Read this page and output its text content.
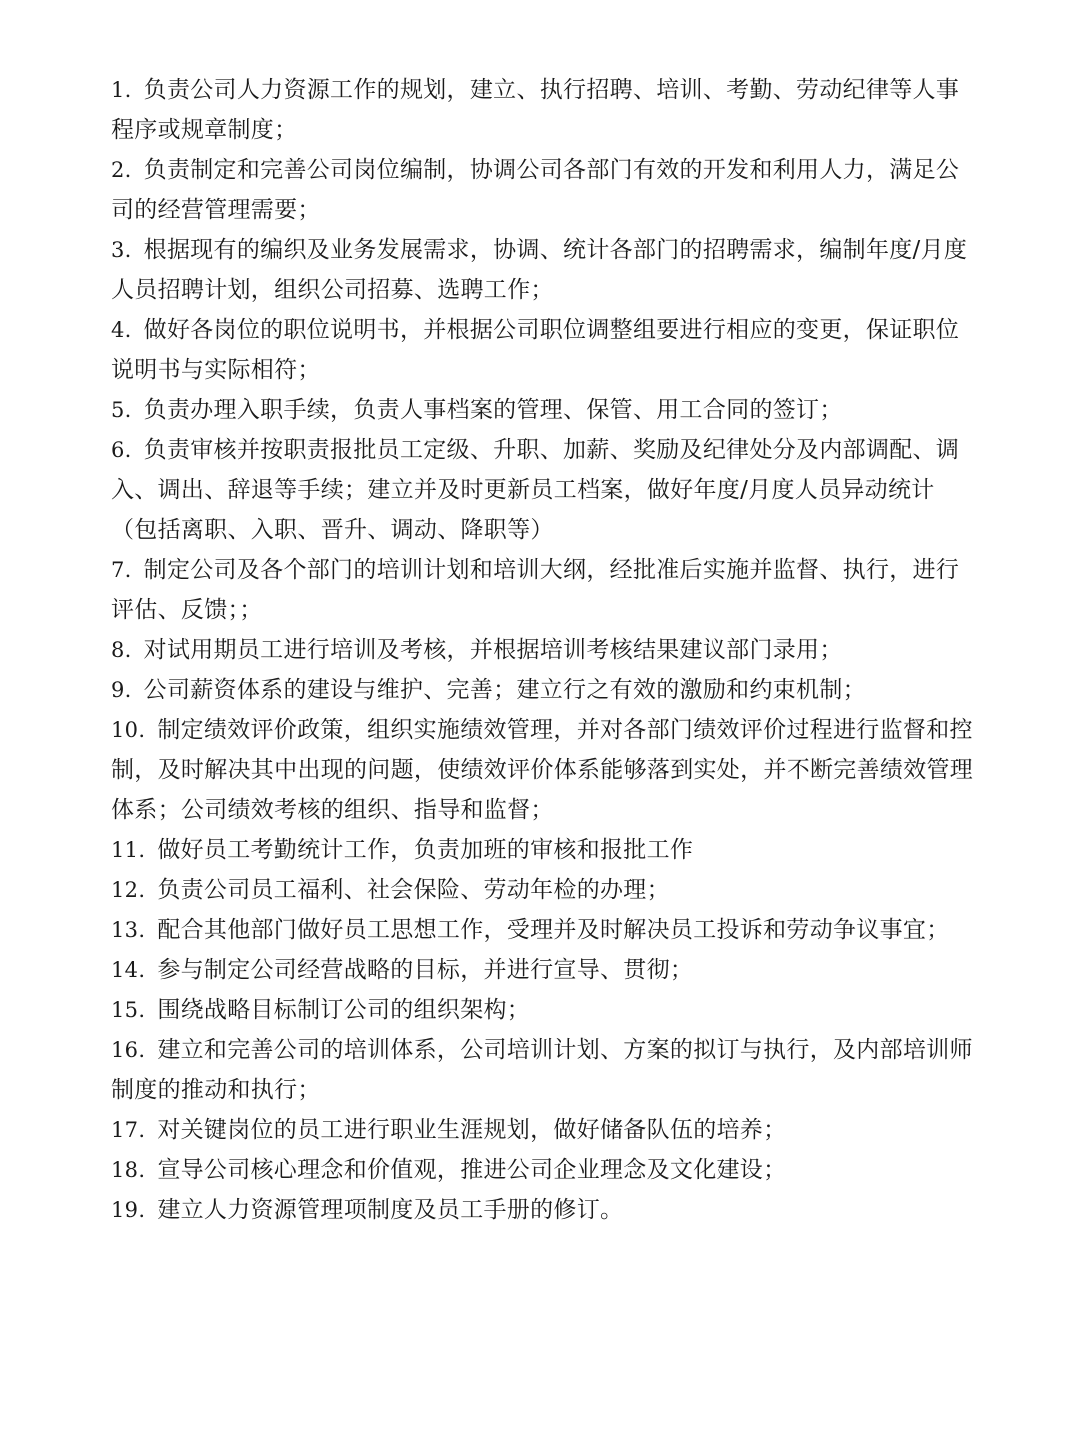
1. 负责公司人力资源工作的规划，建立、执行招聘、培训、考勤、劳动纪律等人事程序或规章制度；
2. 负责制定和完善公司岗位编制，协调公司各部门有效的开发和利用人力，满足公司的经营管理需要；
3. 根据现有的编织及业务发展需求，协调、统计各部门的招聘需求，编制年度/月度人员招聘计划，组织公司招募、选聘工作；
4. 做好各岗位的职位说明书，并根据公司职位调整组要进行相应的变更，保证职位说明书与实际相符；
5. 负责办理入职手续，负责人事档案的管理、保管、用工合同的签订；
6. 负责审核并按职责报批员工定级、升职、加薪、奖励及纪律处分及内部调配、调入、调出、辞退等手续；建立并及时更新员工档案，做好年度/月度人员异动统计（包括离职、入职、晋升、调动、降职等）
7. 制定公司及各个部门的培训计划和培训大纲，经批准后实施并监督、执行，进行评估、反馈；；
8. 对试用期员工进行培训及考核，并根据培训考核结果建议部门录用；
9. 公司薪资体系的建设与维护、完善；建立行之有效的激励和约束机制；
10. 制定绩效评价政策，组织实施绩效管理，并对各部门绩效评价过程进行监督和控制，及时解决其中出现的问题，使绩效评价体系能够落到实处，并不断完善绩效管理体系；公司绩效考核的组织、指导和监督；
11. 做好员工考勤统计工作，负责加班的审核和报批工作
12. 负责公司员工福利、社会保险、劳动年检的办理；
13. 配合其他部门做好员工思想工作，受理并及时解决员工投诉和劳动争议事宜；
14. 参与制定公司经营战略的目标，并进行宣导、贯彻；
15. 围绕战略目标制订公司的组织架构；
16. 建立和完善公司的培训体系，公司培训计划、方案的拟订与执行，及内部培训师制度的推动和执行；
17. 对关键岗位的员工进行职业生涯规划，做好储备队伍的培养；
18. 宣导公司核心理念和价值观，推进公司企业理念及文化建设；
19. 建立人力资源管理项制度及员工手册的修订。
